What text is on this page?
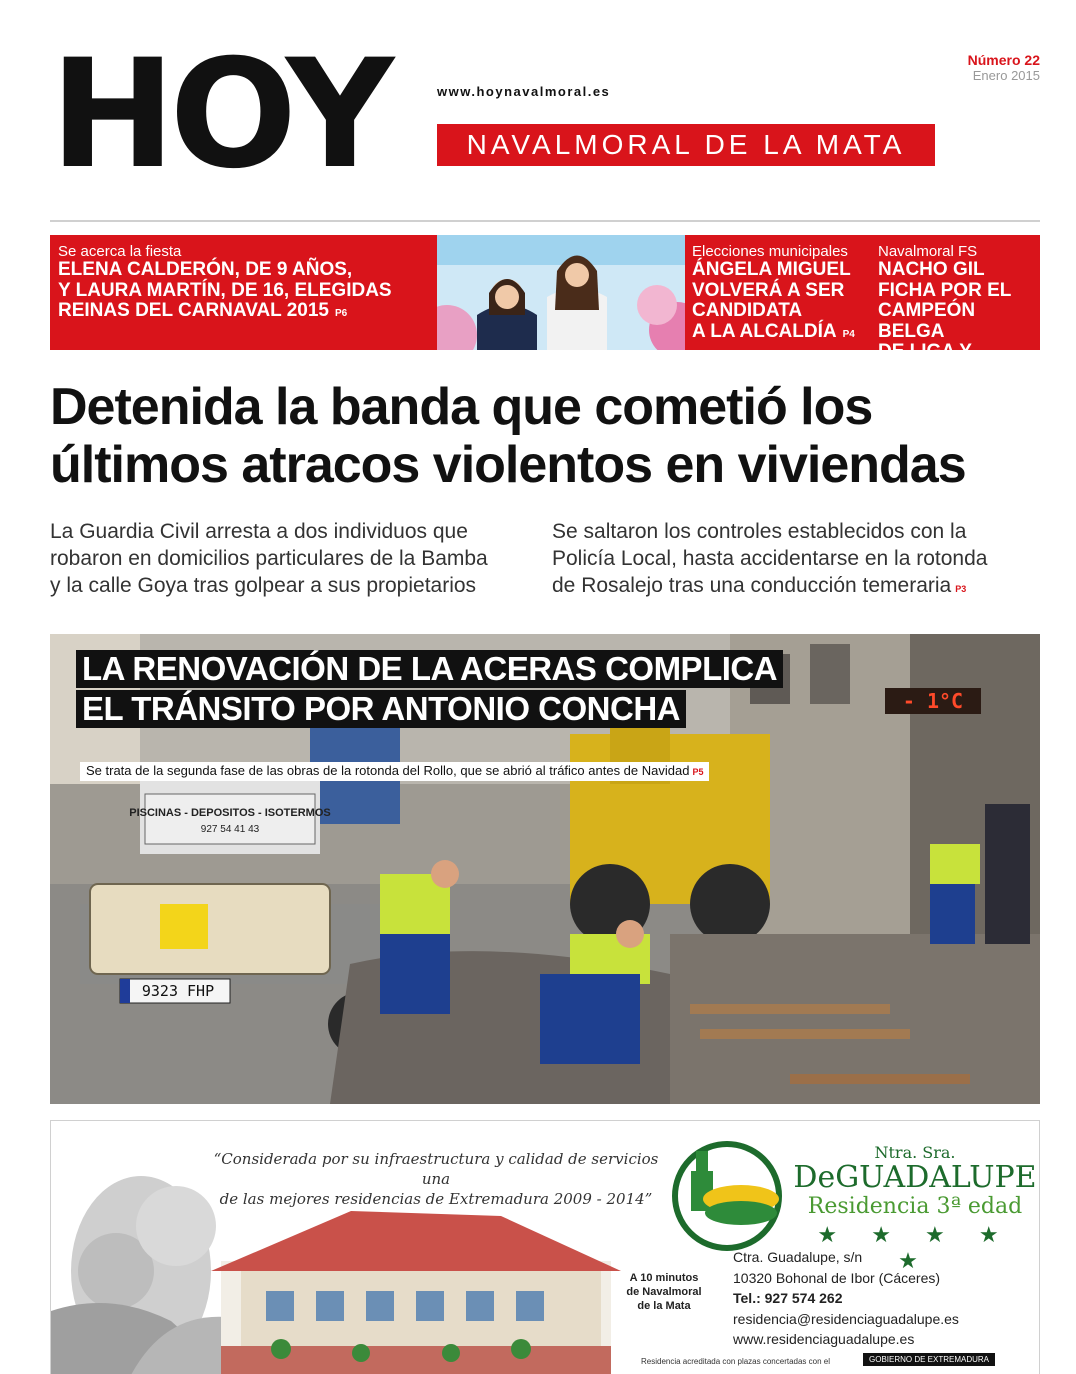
HOY	www.hoynavalmoral.es
NAVALMORAL DE LA MATA
Número 22
Enero 2015
Se acerca la fiesta
ELENA CALDERÓN, DE 9 AÑOS,
Y LAURA MARTÍN, DE 16, ELEGIDAS
REINAS DEL CARNAVAL 2015 P6
Elecciones municipales
ÁNGELA MIGUEL
VOLVERÁ A SER
CANDIDATA
A LA ALCALDÍA P4
Navalmoral FS
NACHO GIL
FICHA POR EL
CAMPEÓN BELGA
DE LIGA Y COPA P20
Detenida la banda que cometió los
últimos atracos violentos en viviendas
La Guardia Civil arresta a dos individuos que
robaron en domicilios particulares de la Bamba
y la calle Goya tras golpear a sus propietarios
Se saltaron los controles establecidos con la
Policía Local, hasta accidentarse en la rotonda
de Rosalejo tras una conducción temeraria P3
- 1°C
PISCINAS - DEPOSITOS - ISOTERMOS
927 54 41 43
9323 FHP
LA RENOVACIÓN DE LA ACERAS COMPLICA
EL TRÁNSITO POR ANTONIO CONCHA
Se trata de la segunda fase de las obras de la rotonda del Rollo, que se abrió al tráfico antes de Navidad P5
“Considerada por su infraestructura y calidad de servicios una
de las mejores residencias de Extremadura 2009 - 2014”
A 10 minutos
de Navalmoral
de la Mata
Ntra. Sra.
DeGUADALUPE
Residencia 3ª edad
★ ★ ★ ★ ★
Ctra. Guadalupe, s/n
10320 Bohonal de Ibor (Cáceres)
Tel.: 927 574 262
residencia@residenciaguadalupe.es
www.residenciaguadalupe.es
Residencia acreditada con plazas concertadas con el	GOBIERNO DE EXTREMADURA
